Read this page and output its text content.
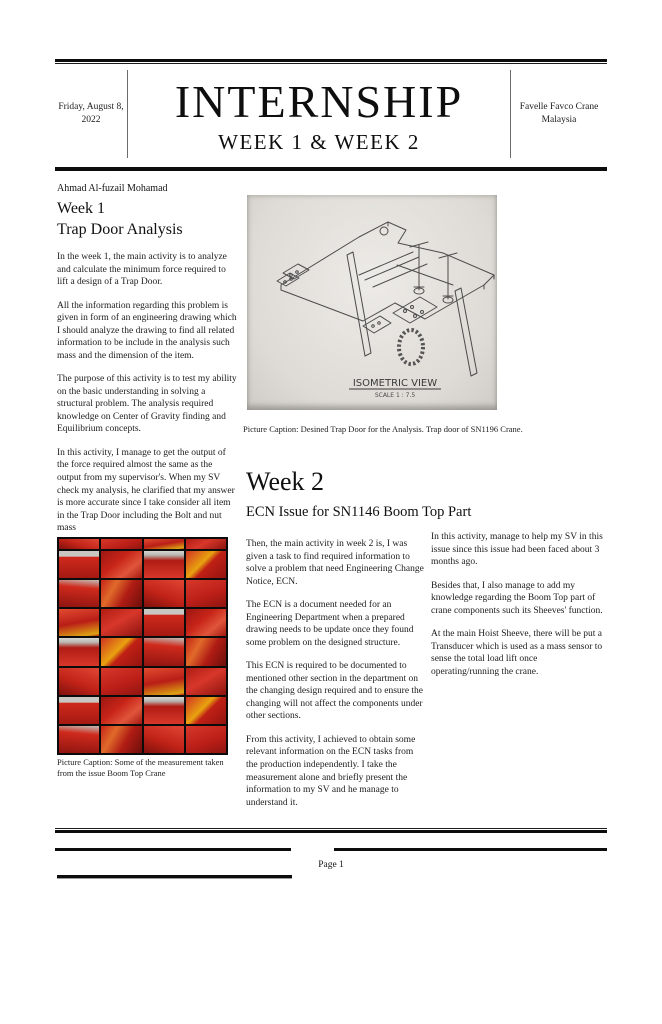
Friday, August 8, 2022	INTERNSHIP
WEEK 1 & WEEK 2
Favelle Favco Crane Malaysia
Ahmad Al-fuzail Mohamad
Week 1
Trap Door Analysis

In the week 1, the main activity is to analyze and calculate the minimum force required to lift a design of a Trap Door.

All the information regarding this problem is given in form of an engineering drawing which I should analyze the drawing to find all related information to be include in the analysis such mass and the dimension of the item.

The purpose of this activity is to test my ability on the basic understanding in solving a structural problem. The analysis required knowledge on Center of Gravity finding and Equilibrium concepts.

In this activity, I manage to get the output of the force required almost the same as the output from my supervisor's. When my SV check my analysis, he clarified that my answer is more accurate since I take consider all item in the Trap Door including the Bolt and nut mass

ISOMETRIC VIEW
SCALE 1 : 7.5
Picture Caption: Desined Trap Door for the Analysis. Trap door of SN1196 Crane.
Week 2
ECN Issue for SN1146 Boom Top Part

Then, the main activity in week 2 is, I was given a task to find required information to solve a problem that need Engineering Change Notice, ECN.

The ECN is a document needed for an Engineering Department when a prepared drawing needs to be update once they found some problem on the designed structure.

This ECN is required to be documented to mentioned other section in the department on the changing design required and to ensure the changing will not affect the components under other sections.

From this activity, I achieved to obtain some relevant information on the ECN tasks from the production independently. I take the measurement alone and briefly present the information to my SV and he manage to understand it.

In this activity, manage to help my SV in this issue since this issue had been faced about 3 months ago.

Besides that, I also manage to add my knowledge regarding the Boom Top part of crane components such its Sheeves' function.

At the main Hoist Sheeve, there will be put a Transducer which is used as a mass sensor to sense the total load lift once operating/running the crane.

Picture Caption: Some of the measurement taken from the issue Boom Top Crane
Page 1
